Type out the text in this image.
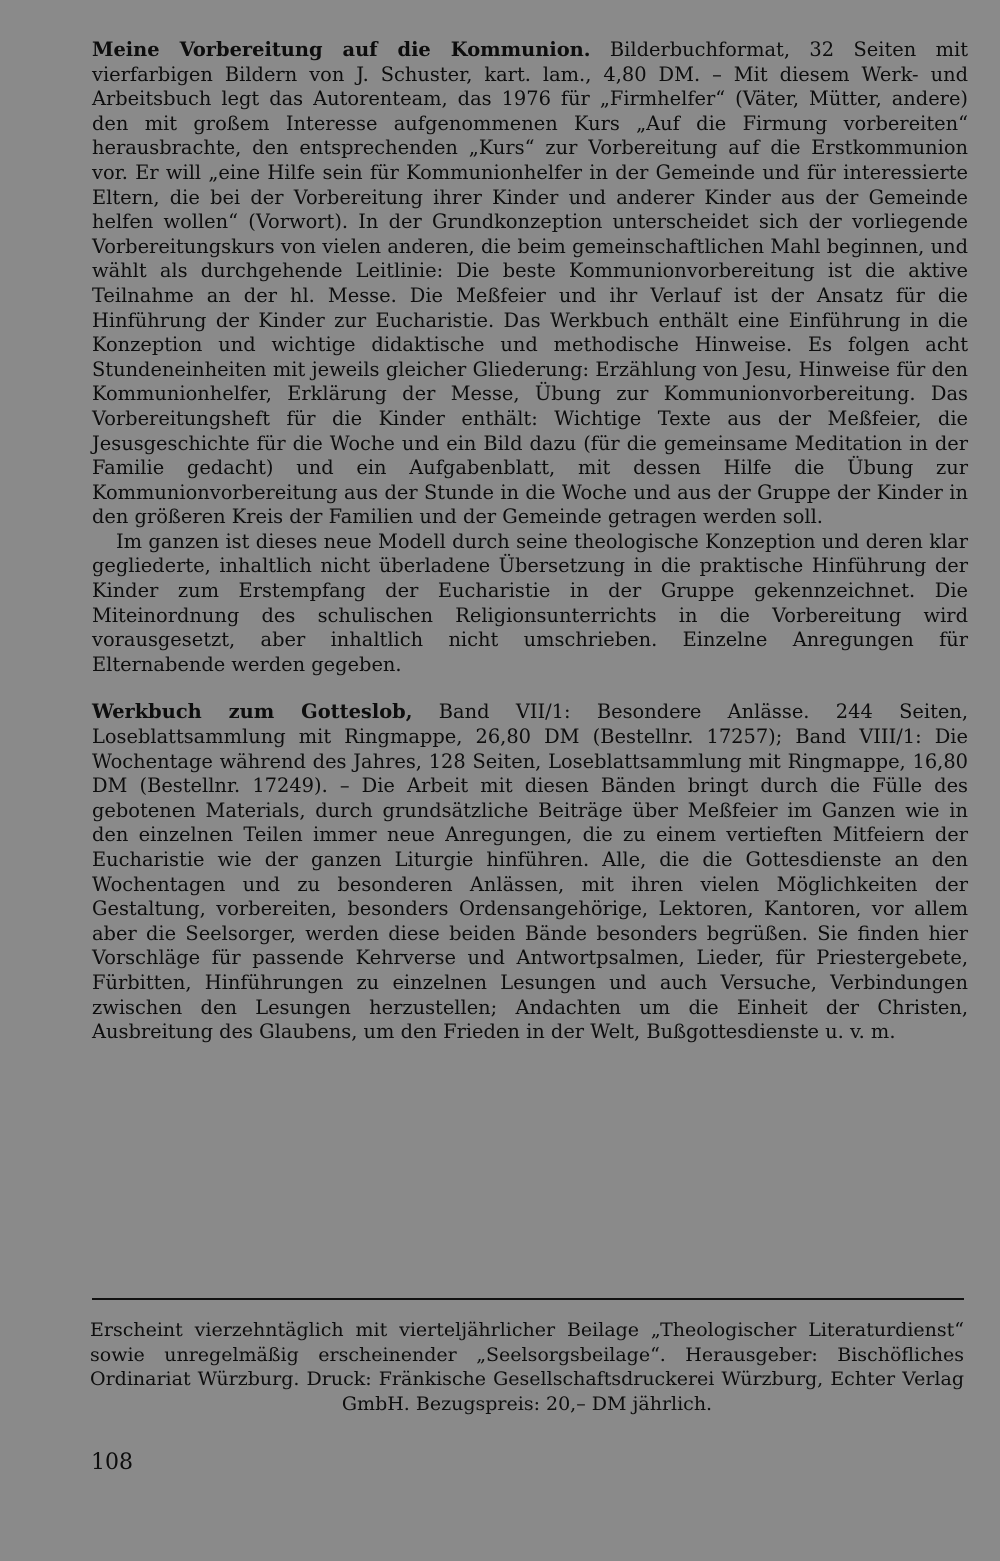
Meine Vorbereitung auf die Kommunion. Bilderbuchformat, 32 Seiten mit vierfarbigen Bildern von J. Schuster, kart. lam., 4,80 DM. – Mit diesem Werk- und Arbeitsbuch legt das Autorenteam, das 1976 für „Firmhelfer“ (Väter, Mütter, andere) den mit großem Interesse aufgenommenen Kurs „Auf die Firmung vorbereiten“ herausbrachte, den entsprechenden „Kurs“ zur Vorbereitung auf die Erstkommunion vor. Er will „eine Hilfe sein für Kommunionhelfer in der Gemeinde und für interessierte Eltern, die bei der Vorbereitung ihrer Kinder und anderer Kinder aus der Gemeinde helfen wollen“ (Vorwort). In der Grundkonzeption unterscheidet sich der vorliegende Vorbereitungskurs von vielen anderen, die beim gemeinschaftlichen Mahl beginnen, und wählt als durchgehende Leitlinie: Die beste Kommunionvorbereitung ist die aktive Teilnahme an der hl. Messe. Die Meßfeier und ihr Verlauf ist der Ansatz für die Hinführung der Kinder zur Eucharistie. Das Werkbuch enthält eine Einführung in die Konzeption und wichtige didaktische und methodische Hinweise. Es folgen acht Stundeneinheiten mit jeweils gleicher Gliederung: Erzählung von Jesu, Hinweise für den Kommunionhelfer, Erklärung der Messe, Übung zur Kommunionvorbereitung. Das Vorbereitungsheft für die Kinder enthält: Wichtige Texte aus der Meßfeier, die Jesusgeschichte für die Woche und ein Bild dazu (für die gemeinsame Meditation in der Familie gedacht) und ein Aufgabenblatt, mit dessen Hilfe die Übung zur Kommunionvorbereitung aus der Stunde in die Woche und aus der Gruppe der Kinder in den größeren Kreis der Familien und der Gemeinde getragen werden soll.

Im ganzen ist dieses neue Modell durch seine theologische Konzeption und deren klar gegliederte, inhaltlich nicht überladene Übersetzung in die praktische Hinführung der Kinder zum Erstempfang der Eucharistie in der Gruppe gekennzeichnet. Die Miteinordnung des schulischen Religionsunterrichts in die Vorbereitung wird vorausgesetzt, aber inhaltlich nicht umschrieben. Einzelne Anregungen für Elternabende werden gegeben.

Werkbuch zum Gotteslob, Band VII/1: Besondere Anlässe. 244 Seiten, Loseblattsammlung mit Ringmappe, 26,80 DM (Bestellnr. 17257); Band VIII/1: Die Wochentage während des Jahres, 128 Seiten, Loseblattsammlung mit Ringmappe, 16,80 DM (Bestellnr. 17249). – Die Arbeit mit diesen Bänden bringt durch die Fülle des gebotenen Materials, durch grundsätzliche Beiträge über Meßfeier im Ganzen wie in den einzelnen Teilen immer neue Anregungen, die zu einem vertieften Mitfeiern der Eucharistie wie der ganzen Liturgie hinführen. Alle, die die Gottesdienste an den Wochentagen und zu besonderen Anlässen, mit ihren vielen Möglichkeiten der Gestaltung, vorbereiten, besonders Ordensangehörige, Lektoren, Kantoren, vor allem aber die Seelsorger, werden diese beiden Bände besonders begrüßen. Sie finden hier Vorschläge für passende Kehrverse und Antwortpsalmen, Lieder, für Priestergebete, Fürbitten, Hinführungen zu einzelnen Lesungen und auch Versuche, Verbindungen zwischen den Lesungen herzustellen; Andachten um die Einheit der Christen, Ausbreitung des Glaubens, um den Frieden in der Welt, Bußgottesdienste u. v. m.

Erscheint vierzehntäglich mit vierteljährlicher Beilage „Theologischer Literaturdienst“ sowie unregelmäßig erscheinender „Seelsorgsbeilage“. Herausgeber: Bischöfliches Ordinariat Würzburg. Druck: Fränkische Gesellschaftsdruckerei Würzburg, Echter Verlag GmbH. Bezugspreis: 20,– DM jährlich.

108
